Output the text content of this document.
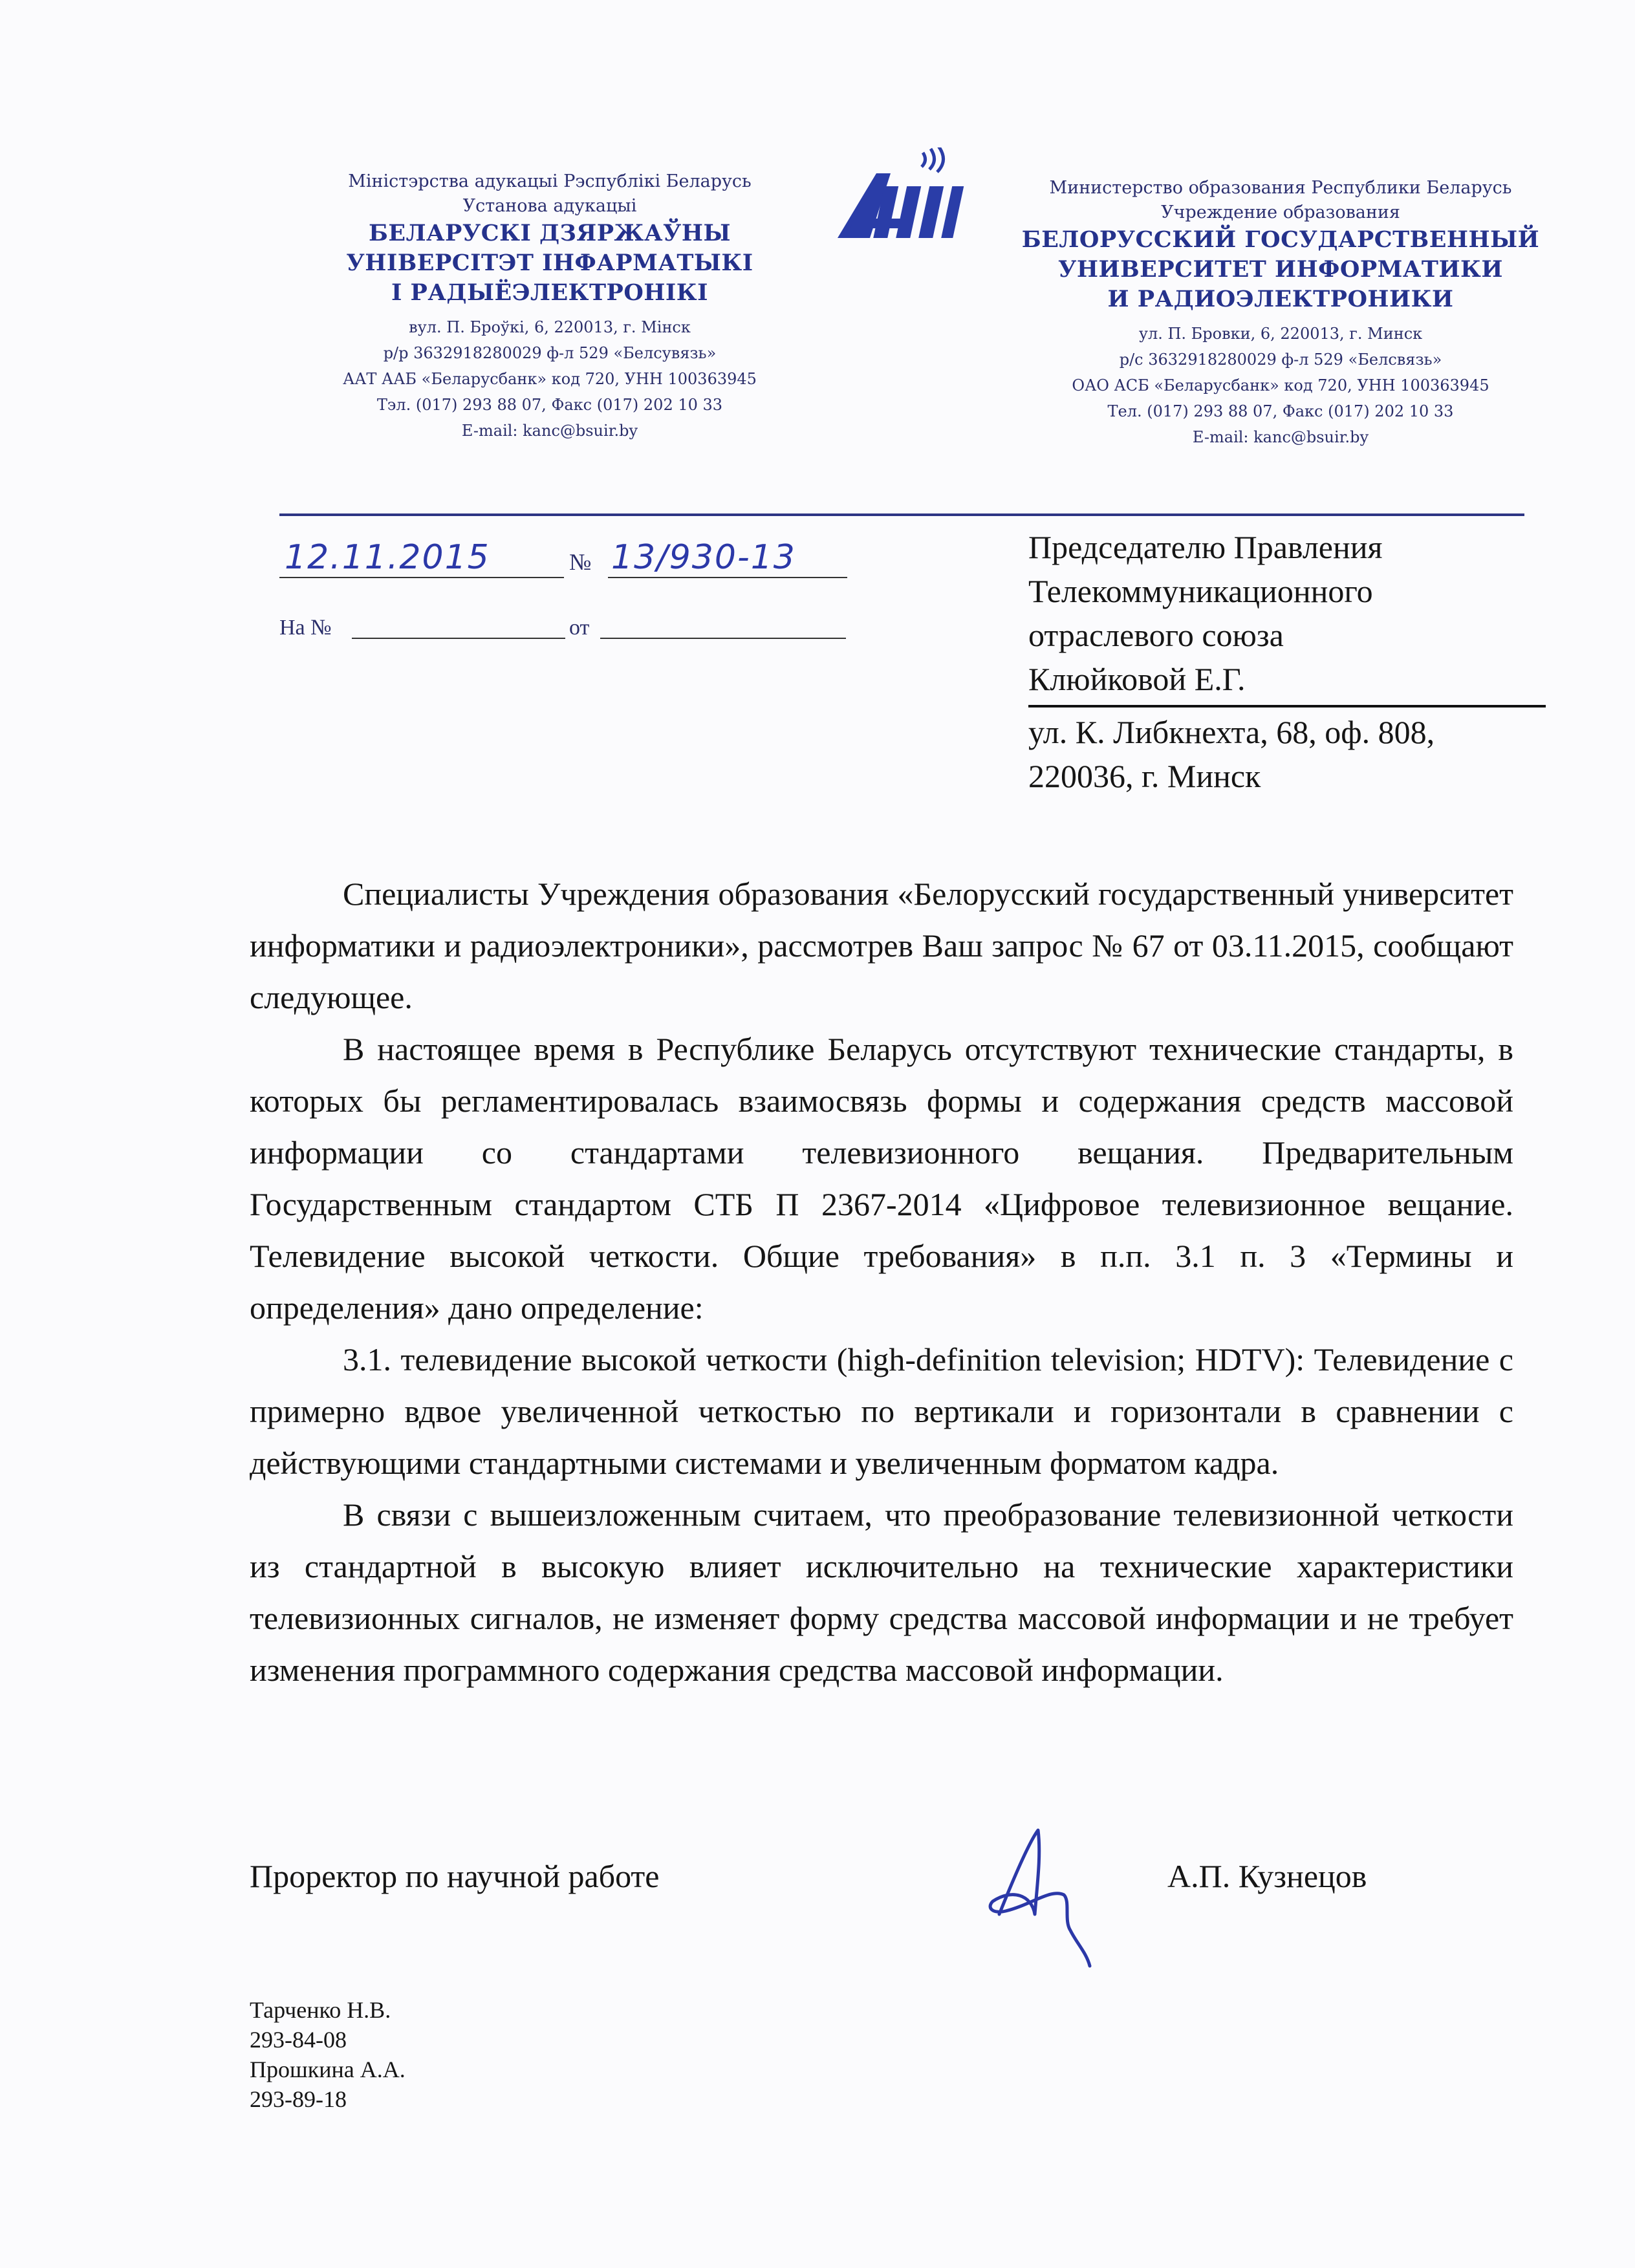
Міністэрства адукацыі Рэспублікі Беларусь
Установа адукацыі
БЕЛАРУСКІ ДЗЯРЖАЎНЫ
УНІВЕРСІТЭТ ІНФАРМАТЫКІ
І РАДЫЁЭЛЕКТРОНІКІ
вул. П. Броўкі, 6, 220013, г. Мінск
р/р 3632918280029 ф-л 529 «Белсувязь»
ААТ ААБ «Беларусбанк» код 720, УНН 100363945
Тэл. (017) 293 88 07, Факс (017) 202 10 33
E-mail: kanc@bsuir.by
Министерство образования Республики Беларусь
Учреждение образования
БЕЛОРУССКИЙ ГОСУДАРСТВЕННЫЙ
УНИВЕРСИТЕТ ИНФОРМАТИКИ
И РАДИОЭЛЕКТРОНИКИ
ул. П. Бровки, 6, 220013, г. Минск
р/с 3632918280029 ф-л 529 «Белсвязь»
ОАО АСБ «Беларусбанк» код 720, УНН 100363945
Тел. (017) 293 88 07, Факс (017) 202 10 33
E-mail: kanc@bsuir.by
12.11.2015	№ 13/930-13
На №	от
Председателю Правления
Телекоммуникационного
отраслевого союза
Клюйковой Е.Г.
ул. К. Либкнехта, 68, оф. 808,
220036, г. Минск

Специалисты Учреждения образования «Белорусский государственный университет информатики и радиоэлектроники», рассмотрев Ваш запрос № 67 от 03.11.2015, сообщают следующее.

В настоящее время в Республике Беларусь отсутствуют технические стандарты, в которых бы регламентировалась взаимосвязь формы и содержания средств массовой информации со стандартами телевизионного вещания. Предварительным Государственным стандартом СТБ П 2367-2014 «Цифровое телевизионное вещание. Телевидение высокой четкости. Общие требования» в п.п. 3.1 п. 3 «Термины и определения» дано определение:

3.1. телевидение высокой четкости (high-definition television; HDTV): Телевидение с примерно вдвое увеличенной четкостью по вертикали и горизонтали в сравнении с действующими стандартными системами и увеличенным форматом кадра.

В связи с вышеизложенным считаем, что преобразование телевизионной четкости из стандартной в высокую влияет исключительно на технические характеристики телевизионных сигналов, не изменяет форму средства массовой информации и не требует изменения программного содержания средства массовой информации.

Проректор по научной работе	А.П. Кузнецов
Тарченко Н.В.
293-84-08
Прошкина А.А.
293-89-18
